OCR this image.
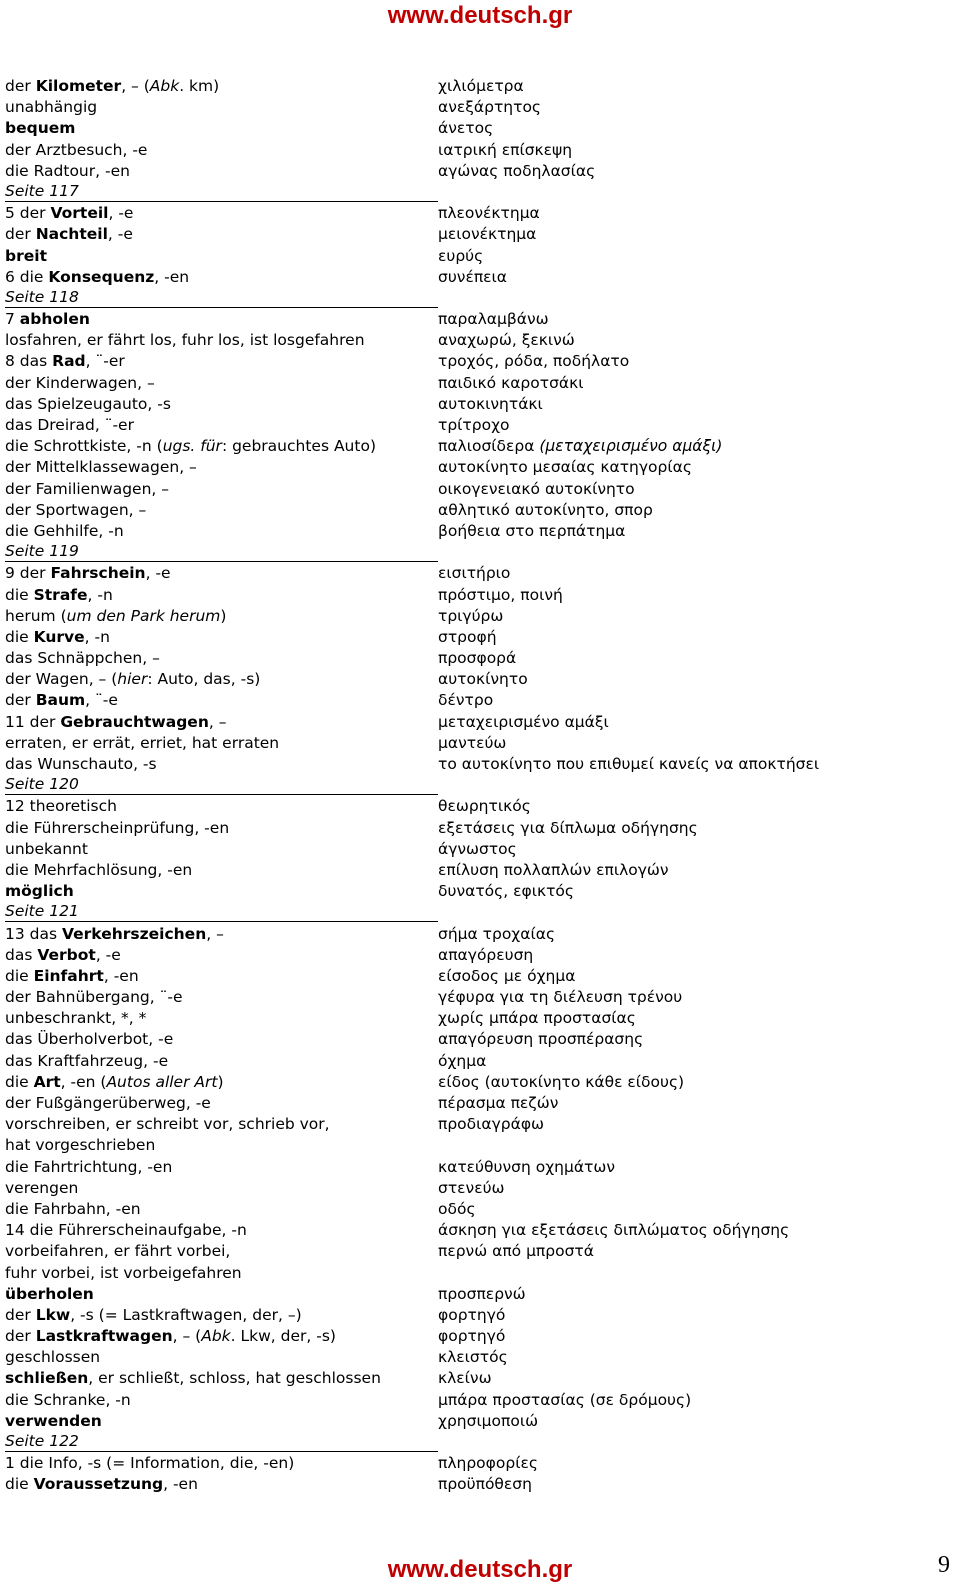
www.deutsch.gr
der Kilometer, – (Abk. km)	χιλιόμετρα
unabhängig	ανεξάρτητος
bequem	άνετος
der Arztbesuch, -e	ιατρική επίσκεψη
die Radtour, -en	αγώνας ποδηλασίας
Seite 117
5 der Vorteil, -e	πλεονέκτημα
der Nachteil, -e	μειονέκτημα
breit	ευρύς
6 die Konsequenz, -en	συνέπεια
Seite 118
7 abholen	παραλαμβάνω
losfahren, er fährt los, fuhr los, ist losgefahren	αναχωρώ, ξεκινώ
8 das Rad, ¨-er	τροχός, ρόδα, ποδήλατο
der Kinderwagen, –	παιδικό καροτσάκι
das Spielzeugauto, -s	αυτοκινητάκι
das Dreirad, ¨-er	τρίτροχο
die Schrottkiste, -n (ugs. für: gebrauchtes Auto)	παλιοσίδερα (μεταχειρισμένο αμάξι)
der Mittelklassewagen, –	αυτοκίνητο μεσαίας κατηγορίας
der Familienwagen, –	οικογενειακό αυτοκίνητο
der Sportwagen, –	αθλητικό αυτοκίνητο, σπορ
die Gehhilfe, -n	βοήθεια στο περπάτημα
Seite 119
9 der Fahrschein, -e	εισιτήριο
die Strafe, -n	πρόστιμο, ποινή
herum (um den Park herum)	τριγύρω
die Kurve, -n	στροφή
das Schnäppchen, –	προσφορά
der Wagen, – (hier: Auto, das, -s)	αυτοκίνητο
der Baum, ¨-e	δέντρο
11 der Gebrauchtwagen, –	μεταχειρισμένο αμάξι
erraten, er errät, erriet, hat erraten	μαντεύω
das Wunschauto, -s	το αυτοκίνητο που επιθυμεί κανείς να αποκτήσει
Seite 120
12 theoretisch	θεωρητικός
die Führerscheinprüfung, -en	εξετάσεις για δίπλωμα οδήγησης
unbekannt	άγνωστος
die Mehrfachlösung, -en	επίλυση πολλαπλών επιλογών
möglich	δυνατός, εφικτός
Seite 121
13 das Verkehrszeichen, –	σήμα τροχαίας
das Verbot, -e	απαγόρευση
die Einfahrt, -en	είσοδος με όχημα
der Bahnübergang, ¨-e	γέφυρα για τη διέλευση τρένου
unbeschrankt, *, *	χωρίς μπάρα προστασίας
das Überholverbot, -e	απαγόρευση προσπέρασης
das Kraftfahrzeug, -e	όχημα
die Art, -en (Autos aller Art)	είδος (αυτοκίνητο κάθε είδους)
der Fußgängerüberweg, -e	πέρασμα πεζών
vorschreiben, er schreibt vor, schrieb vor,	προδιαγράφω
hat vorgeschrieben
die Fahrtrichtung, -en	κατεύθυνση οχημάτων
verengen	στενεύω
die Fahrbahn, -en	οδός
14 die Führerscheinaufgabe, -n	άσκηση για εξετάσεις διπλώματος οδήγησης
vorbeifahren, er fährt vorbei,	περνώ από μπροστά
fuhr vorbei, ist vorbeigefahren
überholen	προσπερνώ
der Lkw, -s (= Lastkraftwagen, der, –)	φορτηγό
der Lastkraftwagen, – (Abk. Lkw, der, -s)	φορτηγό
geschlossen	κλειστός
schließen, er schließt, schloss, hat geschlossen	κλείνω
die Schranke, -n	μπάρα προστασίας (σε δρόμους)
verwenden	χρησιμοποιώ
Seite 122
1 die Info, -s (= Information, die, -en)	πληροφορίες
die Voraussetzung, -en	προϋπόθεση
www.deutsch.gr	9
